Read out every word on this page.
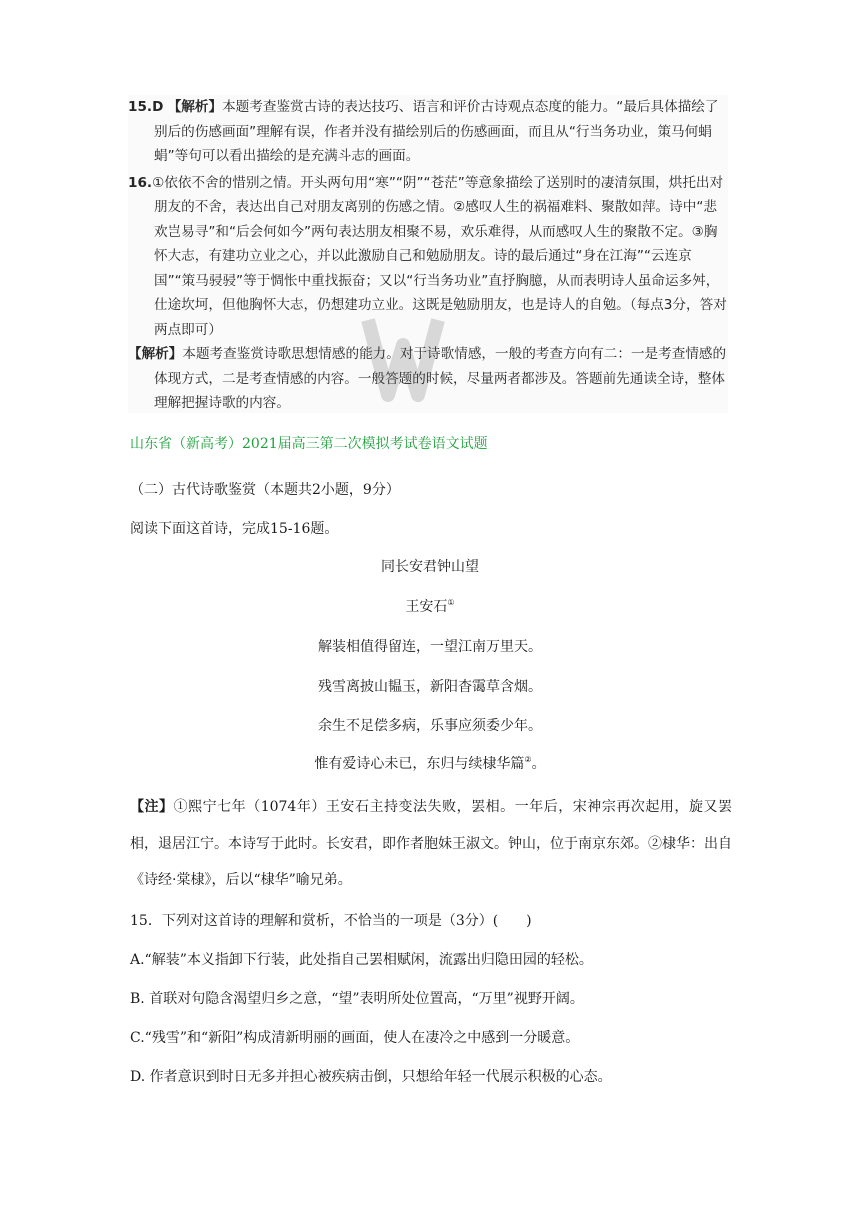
15.D 【解析】本题考查鉴赏古诗的表达技巧、语言和评价古诗观点态度的能力。“最后具体描绘了别后的伤感画面”理解有误，作者并没有描绘别后的伤感画面，而且从“行当务功业，策马何蜎蜎”等句可以看出描绘的是充满斗志的画面。

16.①依依不舍的惜别之情。开头两句用“寒”“阴”“苍茫”等意象描绘了送别时的凄清氛围，烘托出对朋友的不舍，表达出自己对朋友离别的伤感之情。②感叹人生的祸福难料、聚散如萍。诗中“悲欢岂易寻”和“后会何如今”两句表达朋友相聚不易，欢乐难得，从而感叹人生的聚散不定。③胸怀大志，有建功立业之心，并以此激励自己和勉励朋友。诗的最后通过“身在江海”“云连京国”“策马骎骎”等于惆怅中重找振奋；又以“行当务功业”直抒胸臆，从而表明诗人虽命运多舛，仕途坎坷，但他胸怀大志，仍想建功立业。这既是勉励朋友，也是诗人的自勉。（每点3分，答对两点即可）

【解析】本题考查鉴赏诗歌思想情感的能力。对于诗歌情感，一般的考查方向有二：一是考查情感的体现方式，二是考查情感的内容。一般答题的时候，尽量两者都涉及。答题前先通读全诗，整体理解把握诗歌的内容。

山东省（新高考）2021届高三第二次模拟考试卷语文试题
（二）古代诗歌鉴赏（本题共2小题，9分）
阅读下面这首诗，完成15-16题。
同长安君钟山望
王安石①
解装相值得留连，一望江南万里天。
残雪离披山韫玉，新阳杳霭草含烟。
余生不足偿多病，乐事应须委少年。
惟有爱诗心未已，东归与续棣华篇②。
【注】①熙宁七年（1074年）王安石主持变法失败，罢相。一年后，宋神宗再次起用，旋又罢相，退居江宁。本诗写于此时。长安君，即作者胞妹王淑文。钟山，位于南京东郊。②棣华：出自《诗经·棠棣》，后以“棣华”喻兄弟。
15．下列对这首诗的理解和赏析，不恰当的一项是（3分）(　　)
A.“解装”本义指卸下行装，此处指自己罢相赋闲，流露出归隐田园的轻松。
B. 首联对句隐含渴望归乡之意，“望”表明所处位置高，“万里”视野开阔。
C.“残雪”和“新阳”构成清新明丽的画面，使人在凄冷之中感到一分暖意。
D. 作者意识到时日无多并担心被疾病击倒，只想给年轻一代展示积极的心态。
